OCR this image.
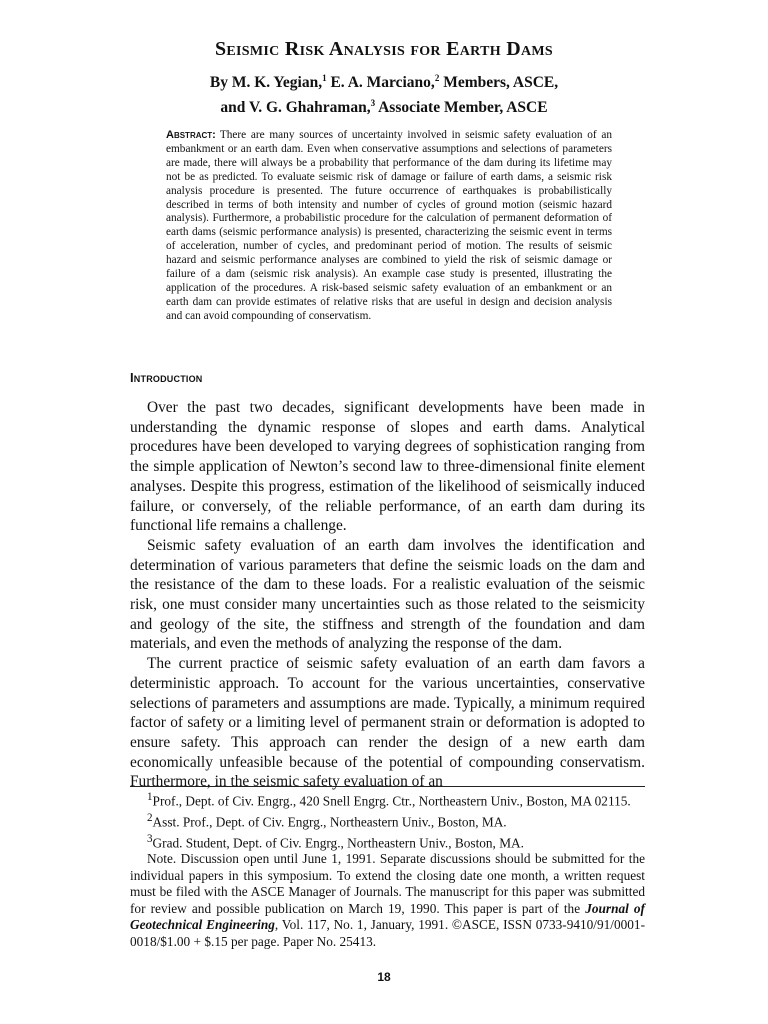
Seismic Risk Analysis for Earth Dams
By M. K. Yegian,$^1$ E. A. Marciano,$^2$ Members, ASCE,
and V. G. Ghahraman,$^3$ Associate Member, ASCE
Abstract: There are many sources of uncertainty involved in seismic safety evaluation of an embankment or an earth dam. Even when conservative assumptions and selections of parameters are made, there will always be a probability that performance of the dam during its lifetime may not be as predicted. To evaluate seismic risk of damage or failure of earth dams, a seismic risk analysis procedure is presented. The future occurrence of earthquakes is probabilistically described in terms of both intensity and number of cycles of ground motion (seismic hazard analysis). Furthermore, a probabilistic procedure for the calculation of permanent deformation of earth dams (seismic performance analysis) is presented, characterizing the seismic event in terms of acceleration, number of cycles, and predominant period of motion. The results of seismic hazard and seismic performance analyses are combined to yield the risk of seismic damage or failure of a dam (seismic risk analysis). An example case study is presented, illustrating the application of the procedures. A risk-based seismic safety evaluation of an embankment or an earth dam can provide estimates of relative risks that are useful in design and decision analysis and can avoid compounding of conservatism.
Introduction

Over the past two decades, significant developments have been made in understanding the dynamic response of slopes and earth dams. Analytical procedures have been developed to varying degrees of sophistication ranging from the simple application of Newton’s second law to three-dimensional finite element analyses. Despite this progress, estimation of the likelihood of seismically induced failure, or conversely, of the reliable performance, of an earth dam during its functional life remains a challenge.

Seismic safety evaluation of an earth dam involves the identification and determination of various parameters that define the seismic loads on the dam and the resistance of the dam to these loads. For a realistic evaluation of the seismic risk, one must consider many uncertainties such as those related to the seismicity and geology of the site, the stiffness and strength of the foundation and dam materials, and even the methods of analyzing the response of the dam.

The current practice of seismic safety evaluation of an earth dam favors a deterministic approach. To account for the various uncertainties, conservative selections of parameters and assumptions are made. Typically, a minimum required factor of safety or a limiting level of permanent strain or deformation is adopted to ensure safety. This approach can render the design of a new earth dam economically unfeasible because of the potential of compounding conservatism. Furthermore, in the seismic safety evaluation of an

$^1$Prof., Dept. of Civ. Engrg., 420 Snell Engrg. Ctr., Northeastern Univ., Boston, MA 02115.

$^2$Asst. Prof., Dept. of Civ. Engrg., Northeastern Univ., Boston, MA.

$^3$Grad. Student, Dept. of Civ. Engrg., Northeastern Univ., Boston, MA.

Note. Discussion open until June 1, 1991. Separate discussions should be submitted for the individual papers in this symposium. To extend the closing date one month, a written request must be filed with the ASCE Manager of Journals. The manuscript for this paper was submitted for review and possible publication on March 19, 1990. This paper is part of the Journal of Geotechnical Engineering, Vol. 117, No. 1, January, 1991. ©ASCE, ISSN 0733-9410/91/0001-0018/$1.00 + $.15 per page. Paper No. 25413.

18
